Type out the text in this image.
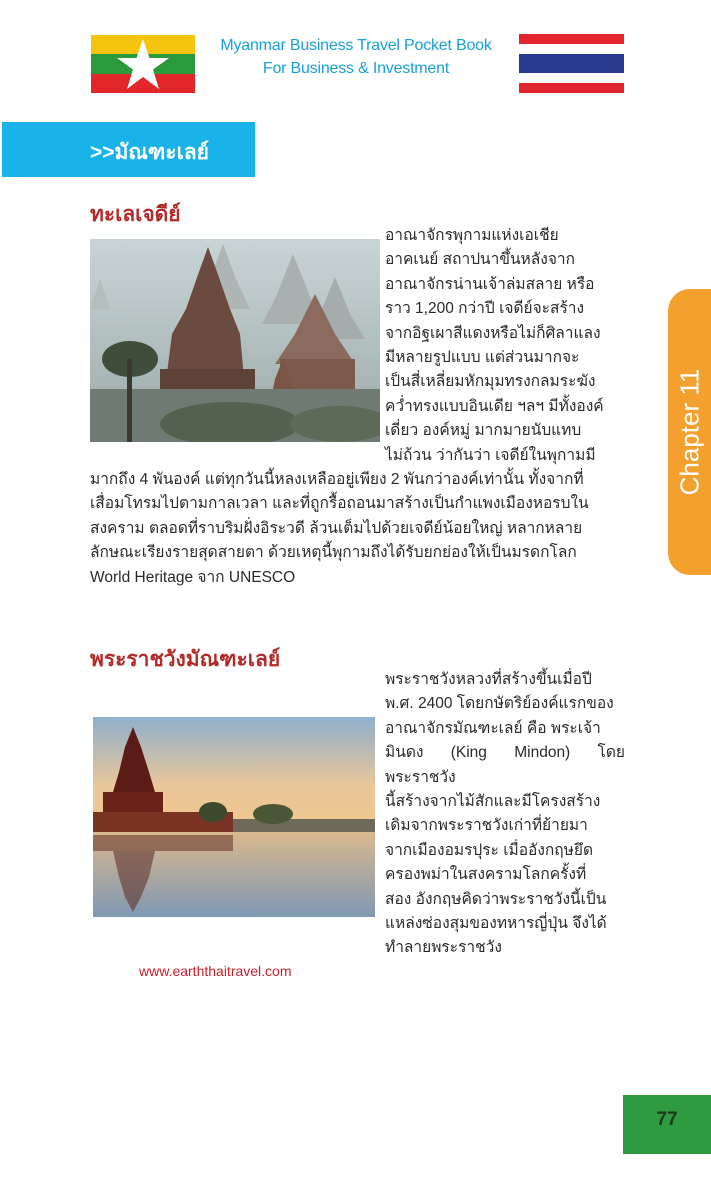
Myanmar Business Travel Pocket Book
For Business & Investment
>>มัณฑะเลย์
ทะเลเจดีย์
อาณาจักรพุกามแห่งเอเชีย
อาคเนย์ สถาปนาขึ้นหลังจาก
อาณาจักรน่านเจ้าล่มสลาย หรือ
ราว 1,200 กว่าปี เจดีย์จะสร้าง
จากอิฐเผาสีแดงหรือไม่ก็ศิลาแลง
มีหลายรูปแบบ แต่ส่วนมากจะ
เป็นสี่เหลี่ยมหักมุมทรงกลมระฆัง
คว่ำทรงแบบอินเดีย ฯลฯ มีทั้งองค์
เดี่ยว องค์หมู่ มากมายนับแทบ
ไม่ถ้วน ว่ากันว่า เจดีย์ในพุกามมี
มากถึง 4 พันองค์ แต่ทุกวันนี้หลงเหลืออยู่เพียง 2 พันกว่าองค์เท่านั้น ทั้งจากที่
เสื่อมโทรมไปตามกาลเวลา และที่ถูกรื้อถอนมาสร้างเป็นกำแพงเมืองหอรบใน
สงคราม ตลอดที่ราบริมฝั่งอิระวดี ล้วนเต็มไปด้วยเจดีย์น้อยใหญ่ หลากหลาย
ลักษณะเรียงรายสุดสายตา ด้วยเหตุนี้พุกามถึงได้รับยกย่องให้เป็นมรดกโลก
World Heritage จาก UNESCO
พระราชวังมัณฑะเลย์
พระราชวังหลวงที่สร้างขึ้นเมื่อปี
พ.ศ. 2400 โดยกษัตริย์องค์แรกของ
อาณาจักรมัณฑะเลย์ คือ พระเจ้า
มินดง (King Mindon) โดยพระราชวัง
นี้สร้างจากไม้สักและมีโครงสร้าง
เดิมจากพระราชวังเก่าที่ย้ายมา
จากเมืองอมรปุระ เมื่ออังกฤษยึด
ครองพม่าในสงครามโลกครั้งที่
สอง อังกฤษคิดว่าพระราชวังนี้เป็น
แหล่งซ่องสุมของทหารญี่ปุ่น จึงได้
ทำลายพระราชวัง
www.earththaitravel.com
Chapter 11
77
